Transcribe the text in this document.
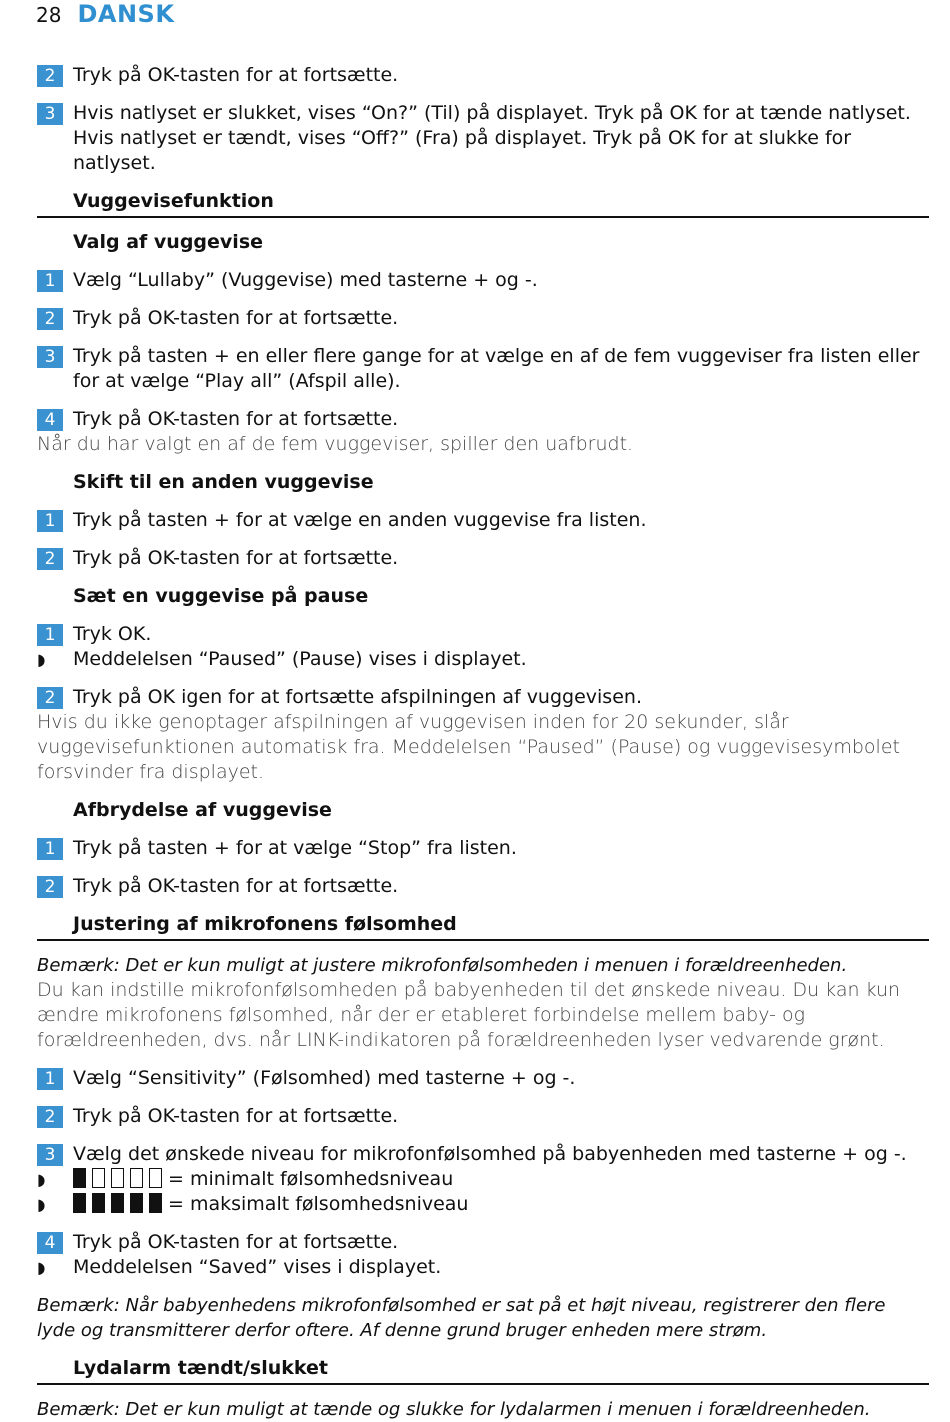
28 DANSK
2 Tryk på OK-tasten for at fortsætte.
3 Hvis natlyset er slukket, vises “On?” (Til) på displayet. Tryk på OK for at tænde natlyset. Hvis natlyset er tændt, vises “Off?” (Fra) på displayet. Tryk på OK for at slukke for natlyset.
Vuggevisefunktion
Valg af vuggevise
1 Vælg “Lullaby” (Vuggevise) med tasterne + og -.
2 Tryk på OK-tasten for at fortsætte.
3 Tryk på tasten + en eller flere gange for at vælge en af de fem vuggeviser fra listen eller for at vælge “Play all” (Afspil alle).
4 Tryk på OK-tasten for at fortsætte.
Når du har valgt en af de fem vuggeviser, spiller den uafbrudt.
Skift til en anden vuggevise
1 Tryk på tasten + for at vælge en anden vuggevise fra listen.
2 Tryk på OK-tasten for at fortsætte.
Sæt en vuggevise på pause
1 Tryk OK.
◗ Meddelelsen “Paused” (Pause) vises i displayet.
2 Tryk på OK igen for at fortsætte afspilningen af vuggevisen.
Hvis du ikke genoptager afspilningen af vuggevisen inden for 20 sekunder, slår vuggevisefunktionen automatisk fra. Meddelelsen “Paused” (Pause) og vuggevisesymbolet forsvinder fra displayet.
Afbrydelse af vuggevise
1 Tryk på tasten + for at vælge “Stop” fra listen.
2 Tryk på OK-tasten for at fortsætte.
Justering af mikrofonens følsomhed
Bemærk: Det er kun muligt at justere mikrofonfølsomheden i menuen i forældreenheden.
Du kan indstille mikrofonfølsomheden på babyenheden til det ønskede niveau. Du kan kun ændre mikrofonens følsomhed, når der er etableret forbindelse mellem baby- og forældreenheden, dvs. når LINK-indikatoren på forældreenheden lyser vedvarende grønt.
1 Vælg “Sensitivity” (Følsomhed) med tasterne + og -.
2 Tryk på OK-tasten for at fortsætte.
3 Vælg det ønskede niveau for mikrofonfølsomhed på babyenheden med tasterne + og -.
◗	= minimalt følsomhedsniveau
◗	= maksimalt følsomhedsniveau
4 Tryk på OK-tasten for at fortsætte.
◗ Meddelelsen “Saved” vises i displayet.
Bemærk: Når babyenhedens mikrofonfølsomhed er sat på et højt niveau, registrerer den flere lyde og transmitterer derfor oftere. Af denne grund bruger enheden mere strøm.
Lydalarm tændt/slukket
Bemærk: Det er kun muligt at tænde og slukke for lydalarmen i menuen i forældreenheden.
